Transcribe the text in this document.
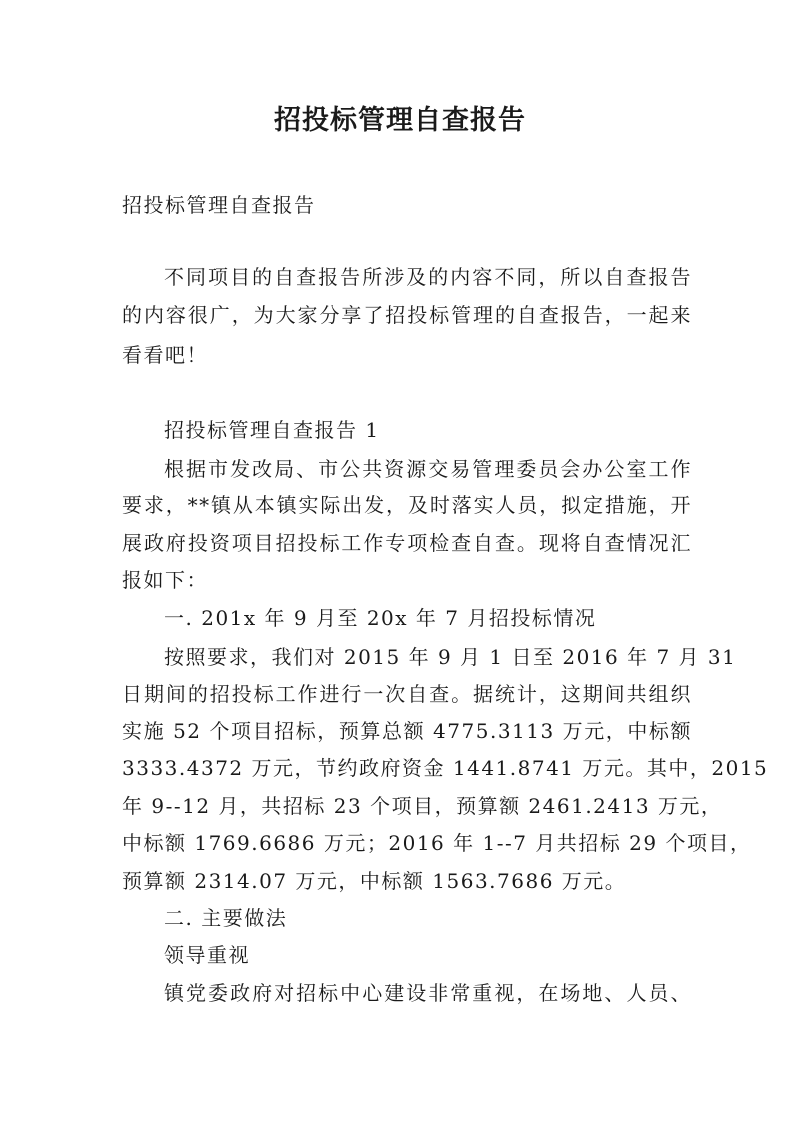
招投标管理自查报告
招投标管理自查报告
不同项目的自查报告所涉及的内容不同，所以自查报告
的内容很广，为大家分享了招投标管理的自查报告，一起来
看看吧！
招投标管理自查报告 1
根据市发改局、市公共资源交易管理委员会办公室工作
要求，**镇从本镇实际出发，及时落实人员，拟定措施，开
展政府投资项目招投标工作专项检查自查。现将自查情况汇
报如下：
一. 201x 年 9 月至 20x 年 7 月招投标情况
按照要求，我们对 2015 年 9 月 1 日至 2016 年 7 月 31
日期间的招投标工作进行一次自查。据统计，这期间共组织
实施 52 个项目招标，预算总额 4775.3113 万元，中标额
3333.4372 万元，节约政府资金 1441.8741 万元。其中，2015
年 9--12 月，共招标 23 个项目，预算额 2461.2413 万元，
中标额 1769.6686 万元；2016 年 1--7 月共招标 29 个项目，
预算额 2314.07 万元，中标额 1563.7686 万元。
二. 主要做法
领导重视
镇党委政府对招标中心建设非常重视，在场地、人员、
